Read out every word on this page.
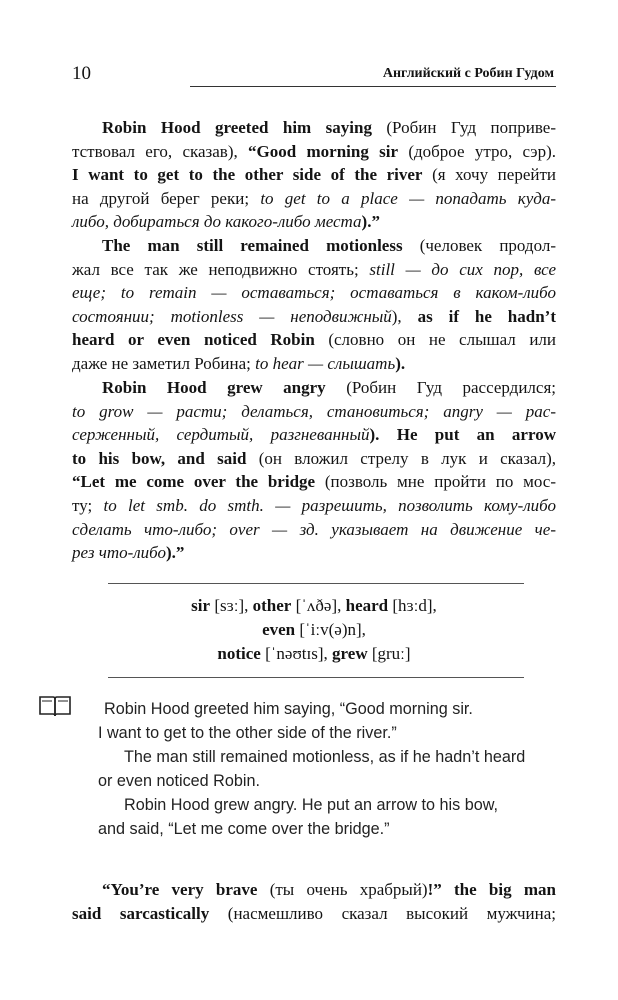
10	Английский с Робин Гудом
Robin Hood greeted him saying (Робин Гуд поприве-
тствовал его, сказав), “Good morning sir (доброе утро, сэр).
I want to get to the other side of the river (я хочу перейти
на другой берег реки; to get to a place — попадать куда-
либо, добираться до какого-либо места).”
The man still remained motionless (человек продол-
жал все так же неподвижно стоять; still — до сих пор, все
еще; to remain — оставаться; оставаться в каком-либо
состоянии; motionless — неподвижный), as if he hadn’t
heard or even noticed Robin (словно он не слышал или
даже не заметил Робина; to hear — слышать).
Robin Hood grew angry (Робин Гуд рассердился;
to grow — расти; делаться, становиться; angry — рас-
серженный, сердитый, разгневанный). He put an arrow
to his bow, and said (он вложил стрелу в лук и сказал),
“Let me come over the bridge (позволь мне пройти по мос-
ту; to let smb. do smth. — разрешить, позволить кому-либо
сделать что-либо; over — зд. указывает на движение че-
рез что-либо).”
sir [sɜː], other [ˈʌðə], heard [hɜːd],
even [ˈiːv(ə)n],
notice [ˈnəʊtɪs], grew [gruː]
Robin Hood greeted him saying, “Good morning sir.
I want to get to the other side of the river.”
The man still remained motionless, as if he hadn’t heard
or even noticed Robin.
Robin Hood grew angry. He put an arrow to his bow,
and said, “Let me come over the bridge.”
“You’re very brave (ты очень храбрый)!” the big man
said sarcastically (насмешливо сказал высокий мужчина;
